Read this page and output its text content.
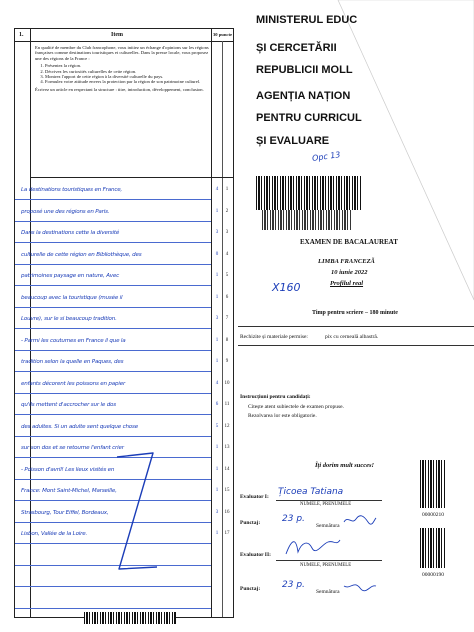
1.	Item	30 puncte

En qualité de membre du Club francophone, vous initiez un échange d'opinions sur les régions françaises comme destinations touristiques et culturelles. Dans la presse locale, vous proposez une des régions de la France :

1. Présentez la région.
2. Décrivez les curiosités culturelles de cette région.
3. Montrez l'apport de cette région à la diversité culturelle du pays.
4. Formulez votre attitude envers la protection par la région de son patrimoine culturel.

Écrivez un article en respectant la structure : titre, introduction, développement, conclusion.

La destinations touristiques en France,
proposé une des régions en Paris.
Dans la destinations cette la diversité
culturelle de cette région en Bibliothèque, des
patrimoines paysage en nature, Avec
beaucoup avec la touristique (musée il
Louvre), sur le si beaucoup tradition.
- Parmi les coutumes en France il que la
tradition selon la quelle en Paques, des
enfants décorent les poissons en papier
qu'ils mettent d'accrocher sur le dos
des adultes. Si un adulte sent quelque chose
sur son dos et se retourne l'enfant crier
- Poisson d'avril! Les lieux visités en
France: Mont Saint-Michel, Marseille,
Strasbourg, Tour Eiffel, Bordeaux,
Lisbon, Vallée de la Loire.
4	1
1	2
3	3
0	4
1	5
1	6
3	7
1	8
1	9
4	10
6	11
5	12
1	13
1	14
1	15
3	16
1	17
MINISTERUL EDUC
ȘI CERCETĂRII
REPUBLICII MOLL
AGENȚIA NAȚION
PENTRU CURRICUL
ȘI EVALUARE
Opc 13
EXAMEN DE BACALAUREAT
LIMBA FRANCEZĂ
10 iunie 2022
Profilul real
X160
Timp pentru scriere – 180 minute
Rechizite și materiale permise:	pix cu cerneală albastră.
Instrucțiuni pentru candidați:
Citește atent subiectele de examen propuse.
Rezolvarea lor este obligatorie.
Îți dorim mult succes!
Evaluator I: Țicoea Tatiana
NUMELE, PRENUMELE
Punctaj: 23 p.
Semnătura
00000210
Evaluator II:
NUMELE, PRENUMELE
Punctaj: 23 p.
Semnătura
00000190
